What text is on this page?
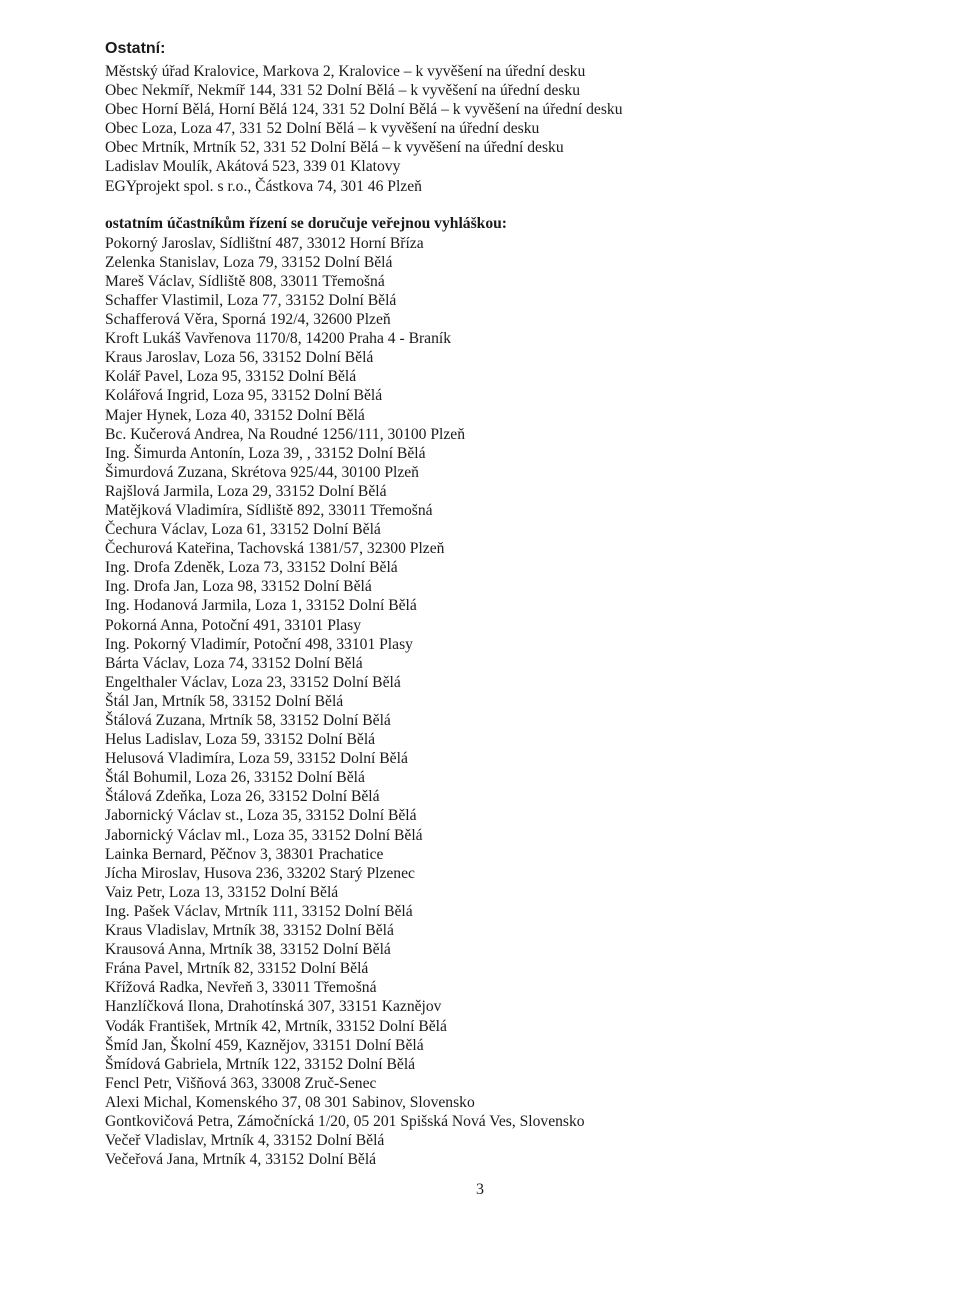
Ostatní:
Městský úřad Kralovice, Markova 2, Kralovice – k vyvěšení na úřední desku
Obec Nekmíř, Nekmíř 144, 331 52 Dolní Bělá – k vyvěšení na úřední desku
Obec Horní Bělá, Horní Bělá 124, 331 52 Dolní Bělá – k vyvěšení na úřední desku
Obec Loza, Loza 47, 331 52 Dolní Bělá – k vyvěšení na úřední desku
Obec Mrtník, Mrtník 52, 331 52 Dolní Bělá – k vyvěšení na úřední desku
Ladislav Moulík, Akátová 523, 339 01 Klatovy
EGYprojekt spol. s r.o., Částkova 74, 301 46 Plzeň
ostatním účastníkům řízení se doručuje veřejnou vyhláškou:
Pokorný Jaroslav, Sídlištní 487, 33012 Horní Bříza
Zelenka Stanislav, Loza 79, 33152 Dolní Bělá
Mareš Václav, Sídliště 808, 33011 Třemošná
Schaffer Vlastimil, Loza 77, 33152 Dolní Bělá
Schafferová Věra, Sporná 192/4, 32600 Plzeň
Kroft Lukáš Vavřenova 1170/8, 14200 Praha 4 - Braník
Kraus Jaroslav, Loza 56, 33152 Dolní Bělá
Kolář Pavel, Loza 95, 33152 Dolní Bělá
Kolářová Ingrid, Loza 95, 33152 Dolní Bělá
Majer Hynek, Loza 40, 33152 Dolní Bělá
Bc. Kučerová Andrea, Na Roudné 1256/111, 30100 Plzeň
Ing. Šimurda Antonín, Loza 39, , 33152 Dolní Bělá
Šimurdová Zuzana, Skrétova 925/44, 30100 Plzeň
Rajšlová Jarmila, Loza 29, 33152 Dolní Bělá
Matějková Vladimíra, Sídliště 892, 33011 Třemošná
Čechura Václav, Loza 61, 33152 Dolní Bělá
Čechurová Kateřina, Tachovská 1381/57, 32300 Plzeň
Ing. Drofa Zdeněk, Loza 73, 33152 Dolní Bělá
Ing. Drofa Jan, Loza 98, 33152 Dolní Bělá
Ing. Hodanová Jarmila, Loza 1, 33152 Dolní Bělá
Pokorná Anna, Potoční 491, 33101 Plasy
Ing. Pokorný Vladimír, Potoční 498, 33101 Plasy
Bárta Václav, Loza 74, 33152 Dolní Bělá
Engelthaler Václav, Loza 23, 33152 Dolní Bělá
Štál Jan, Mrtník 58, 33152 Dolní Bělá
Štálová Zuzana, Mrtník 58, 33152 Dolní Bělá
Helus Ladislav, Loza 59, 33152 Dolní Bělá
Helusová Vladimíra, Loza 59, 33152 Dolní Bělá
Štál Bohumil, Loza 26, 33152 Dolní Bělá
Štálová Zdeňka, Loza 26, 33152 Dolní Bělá
Jabornický Václav st., Loza 35, 33152 Dolní Bělá
Jabornický Václav ml., Loza 35, 33152 Dolní Bělá
Lainka Bernard, Pěčnov 3, 38301 Prachatice
Jícha Miroslav, Husova 236, 33202 Starý Plzenec
Vaiz Petr, Loza 13, 33152 Dolní Bělá
Ing. Pašek Václav, Mrtník 111, 33152 Dolní Bělá
Kraus Vladislav, Mrtník 38, 33152 Dolní Bělá
Krausová Anna, Mrtník 38, 33152 Dolní Bělá
Frána Pavel, Mrtník 82, 33152 Dolní Bělá
Křížová Radka, Nevřeň 3, 33011 Třemošná
Hanzlíčková Ilona, Drahotínská 307, 33151 Kaznějov
Vodák František, Mrtník 42, Mrtník, 33152 Dolní Bělá
Šmíd Jan, Školní 459, Kaznějov, 33151 Dolní Bělá
Šmídová Gabriela, Mrtník 122, 33152 Dolní Bělá
Fencl Petr, Višňová 363, 33008 Zruč-Senec
Alexi Michal, Komenského 37, 08 301 Sabinov, Slovensko
Gontkovičová Petra, Zámočnícká 1/20, 05 201 Spišská Nová Ves, Slovensko
Večeř Vladislav, Mrtník 4, 33152 Dolní Bělá
Večeřová Jana, Mrtník 4, 33152 Dolní Bělá
3
